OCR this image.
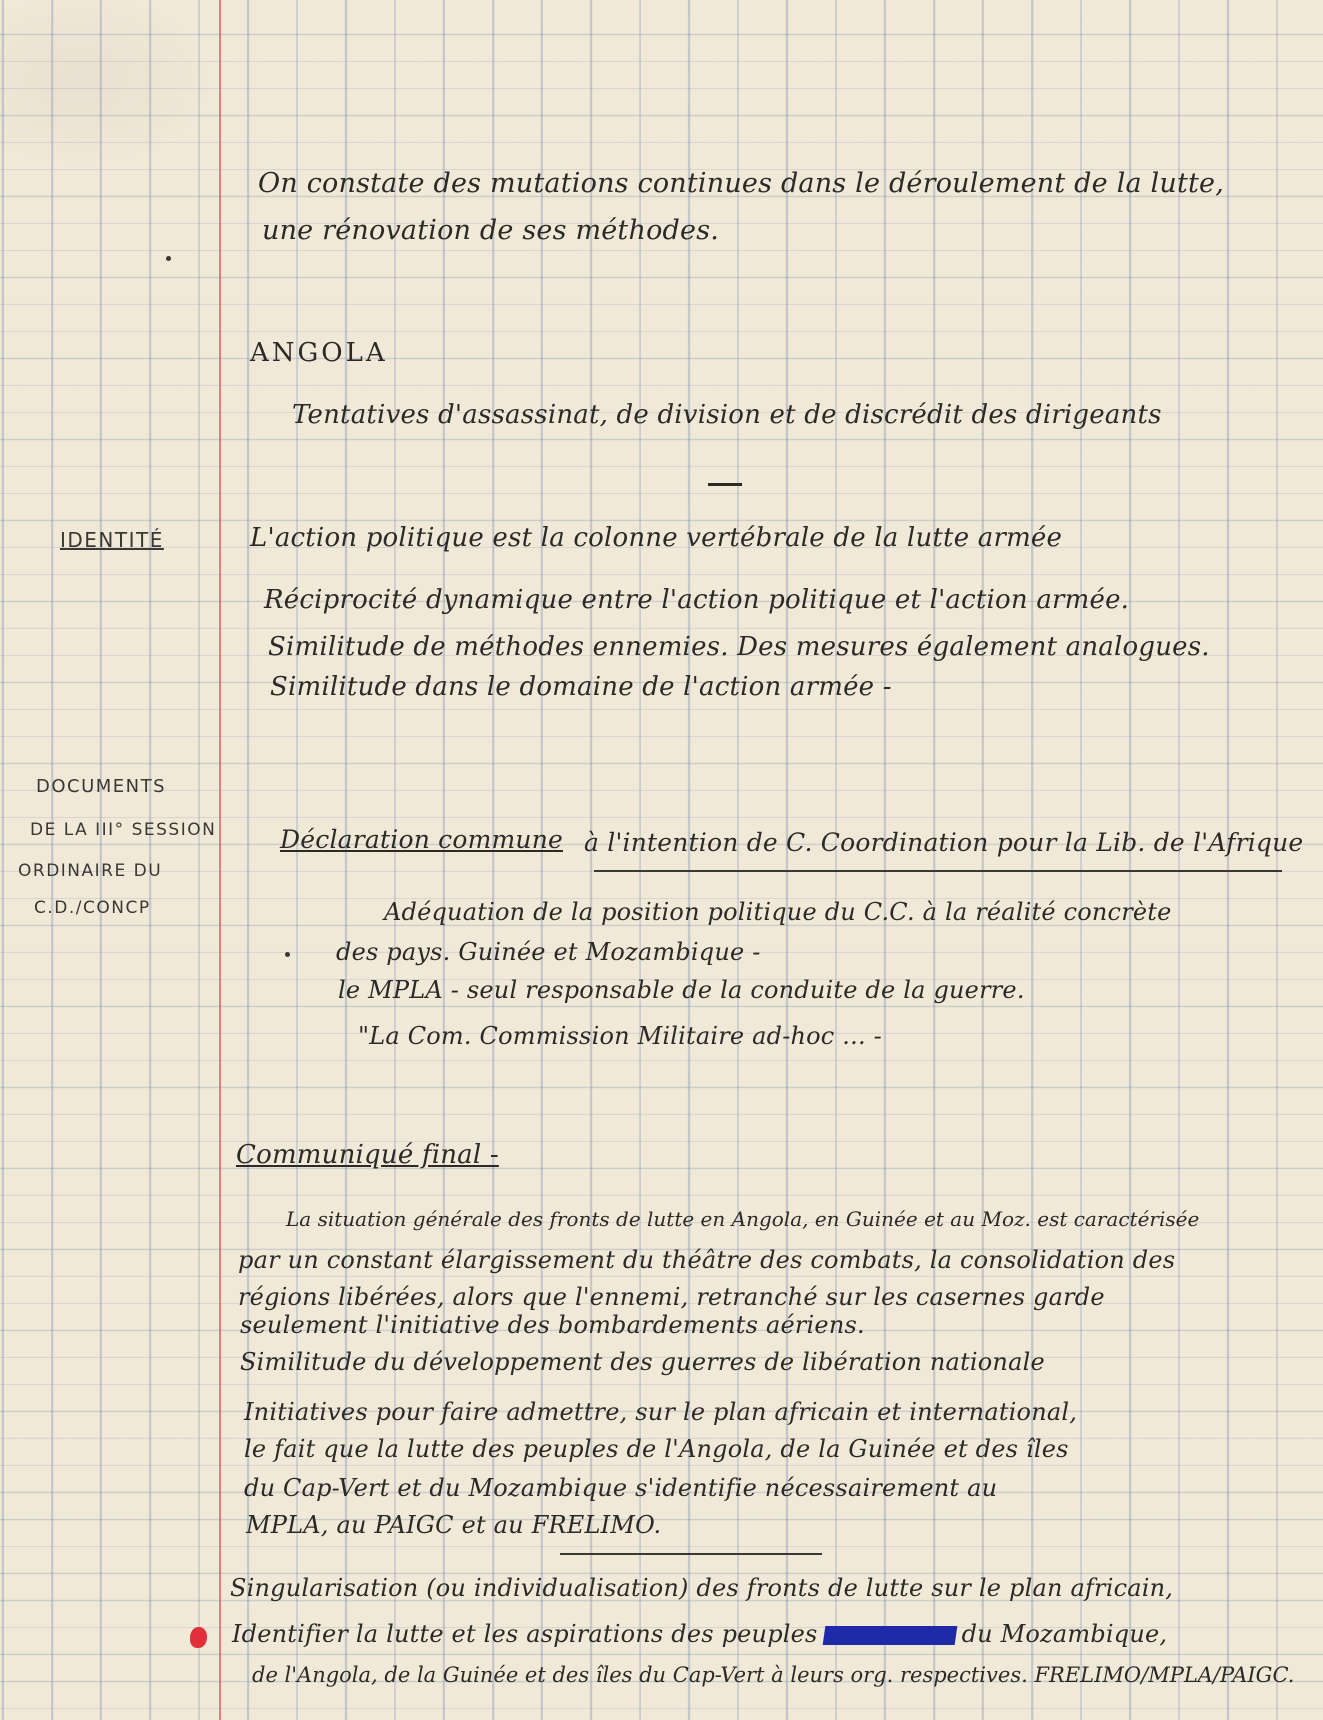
IDENTITÉ

DOCUMENTS

DE LA III° SESSION

ORDINAIRE DU

C.D./CONCP

On constate des mutations continues dans le déroulement de la lutte,

une rénovation de ses méthodes.

ANGOLA

Tentatives d'assassinat, de division et de discrédit des dirigeants

L'action politique est la colonne vertébrale de la lutte armée

Réciprocité dynamique entre l'action politique et l'action armée.

Similitude de méthodes ennemies. Des mesures également analogues.

Similitude dans le domaine de l'action armée -

Déclaration commune à l'intention de C. Coordination pour la Lib. de l'Afrique

Adéquation de la position politique du C.C. à la réalité concrète

des pays. Guinée et Mozambique -

le MPLA - seul responsable de la conduite de la guerre.

"La Com. Commission Militaire ad-hoc ... -

Communiqué final -

La situation générale des fronts de lutte en Angola, en Guinée et au Moz. est caractérisée

par un constant élargissement du théâtre des combats, la consolidation des

régions libérées, alors que l'ennemi, retranché sur les casernes garde

seulement l'initiative des bombardements aériens.

Similitude du développement des guerres de libération nationale

Initiatives pour faire admettre, sur le plan africain et international,

le fait que la lutte des peuples de l'Angola, de la Guinée et des îles

du Cap-Vert et du Mozambique s'identifie nécessairement au

MPLA, au PAIGC et au FRELIMO.

Singularisation (ou individualisation) des fronts de lutte sur le plan africain,

Identifier la lutte et les aspirations des peuples	du Mozambique,

de l'Angola, de la Guinée et des îles du Cap-Vert à leurs org. respectives. FRELIMO/MPLA/PAIGC.
